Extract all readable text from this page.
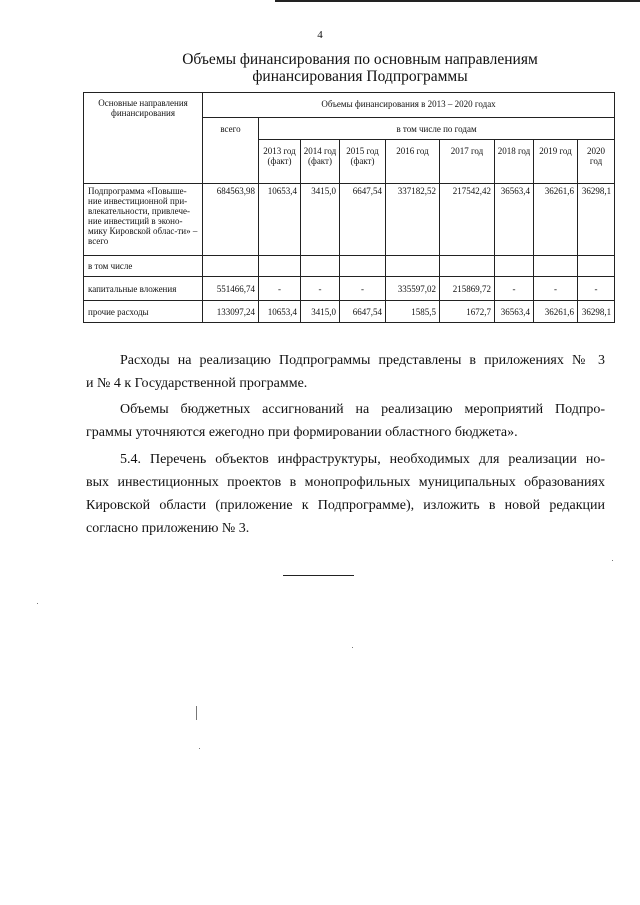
4
Объемы финансирования по основным направлениям
финансирования Подпрограммы
Основные направления финансирования	Объемы финансирования в 2013 – 2020 годах								
	всего	в том числе по годам							
		2013 год (факт)	2014 год (факт)	2015 год (факт)	2016 год	2017 год	2018 год	2019 год	2020 год
Подпрограмма «Повыше-ние инвестиционной при-влекательности, привлече-ние инвестиций в эконо-мику Кировской облас-ти» – всего	684563,98	10653,4	3415,0	6647,54	337182,52	217542,42	36563,4	36261,6	36298,1
в том числе									
капитальные вложения	551466,74	-	-	-	335597,02	215869,72	-	-	-
прочие расходы	133097,24	10653,4	3415,0	6647,54	1585,5	1672,7	36563,4	36261,6	36298,1
Расходы на реализацию Подпрограммы представлены в приложениях № 3
и № 4 к Государственной программе.
Объемы бюджетных ассигнований на реализацию мероприятий Подпро-
граммы уточняются ежегодно при формировании областного бюджета».
5.4. Перечень объектов инфраструктуры, необходимых для реализации но-
вых инвестиционных проектов в монопрофильных муниципальных образованиях
Кировской области (приложение к Подпрограмме), изложить в новой редакции
согласно приложению № 3.
